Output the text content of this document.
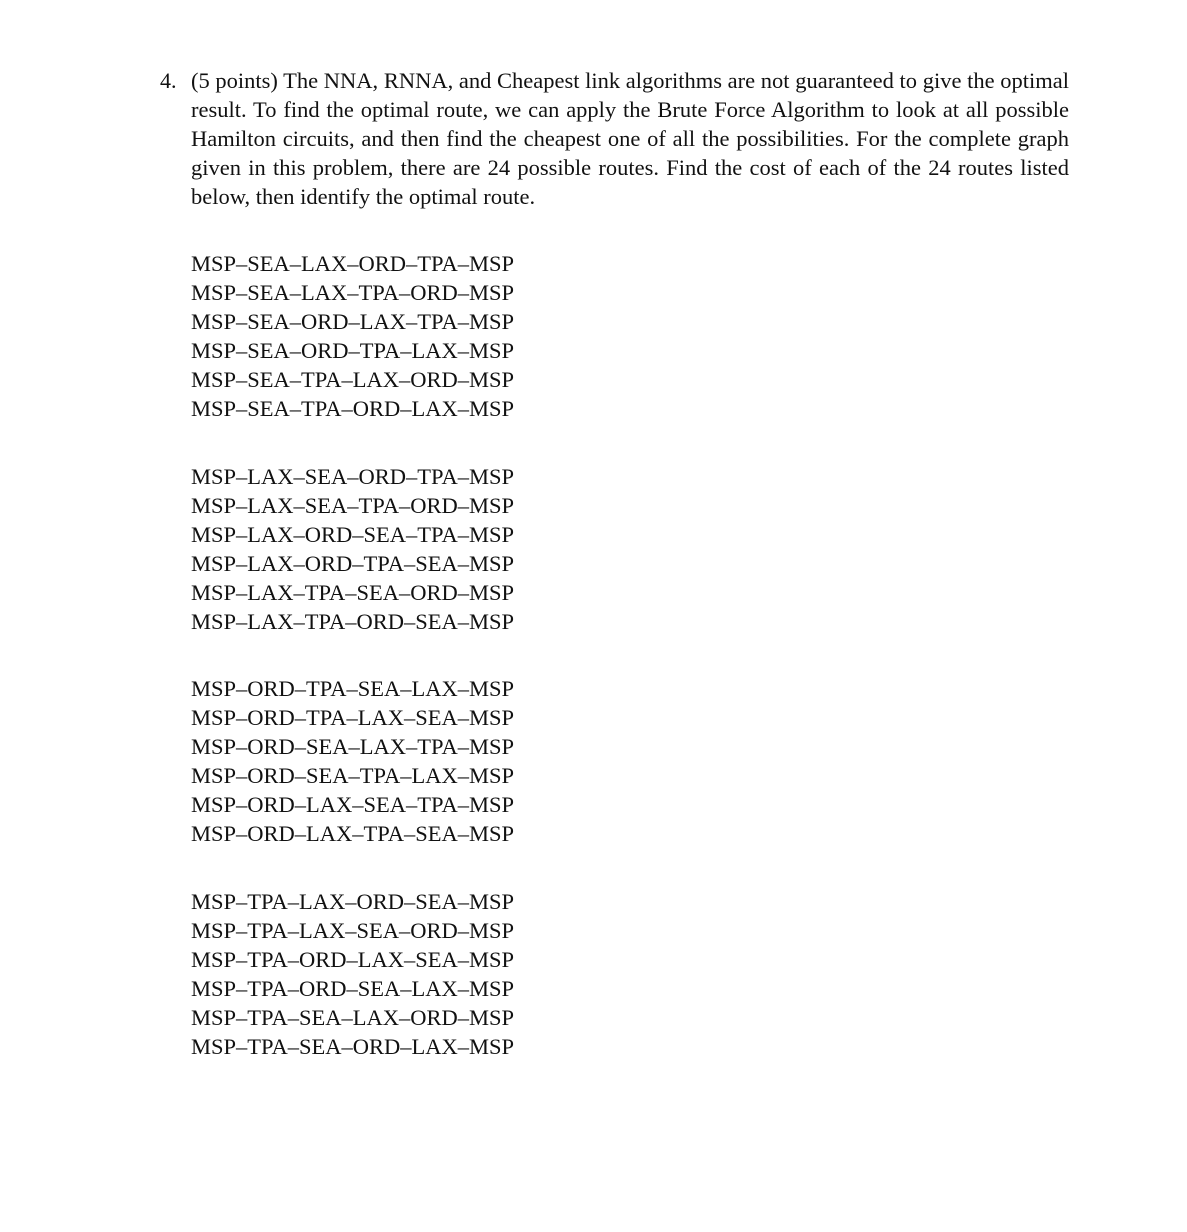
4. (5 points) The NNA, RNNA, and Cheapest link algorithms are not guaranteed to give the optimal result. To find the optimal route, we can apply the Brute Force Algorithm to look at all possible Hamilton circuits, and then find the cheapest one of all the possibilities. For the complete graph given in this problem, there are 24 possible routes. Find the cost of each of the 24 routes listed below, then identify the optimal route.
MSP–SEA–LAX–ORD–TPA–MSP
MSP–SEA–LAX–TPA–ORD–MSP
MSP–SEA–ORD–LAX–TPA–MSP
MSP–SEA–ORD–TPA–LAX–MSP
MSP–SEA–TPA–LAX–ORD–MSP
MSP–SEA–TPA–ORD–LAX–MSP
MSP–LAX–SEA–ORD–TPA–MSP
MSP–LAX–SEA–TPA–ORD–MSP
MSP–LAX–ORD–SEA–TPA–MSP
MSP–LAX–ORD–TPA–SEA–MSP
MSP–LAX–TPA–SEA–ORD–MSP
MSP–LAX–TPA–ORD–SEA–MSP
MSP–ORD–TPA–SEA–LAX–MSP
MSP–ORD–TPA–LAX–SEA–MSP
MSP–ORD–SEA–LAX–TPA–MSP
MSP–ORD–SEA–TPA–LAX–MSP
MSP–ORD–LAX–SEA–TPA–MSP
MSP–ORD–LAX–TPA–SEA–MSP
MSP–TPA–LAX–ORD–SEA–MSP
MSP–TPA–LAX–SEA–ORD–MSP
MSP–TPA–ORD–LAX–SEA–MSP
MSP–TPA–ORD–SEA–LAX–MSP
MSP–TPA–SEA–LAX–ORD–MSP
MSP–TPA–SEA–ORD–LAX–MSP
